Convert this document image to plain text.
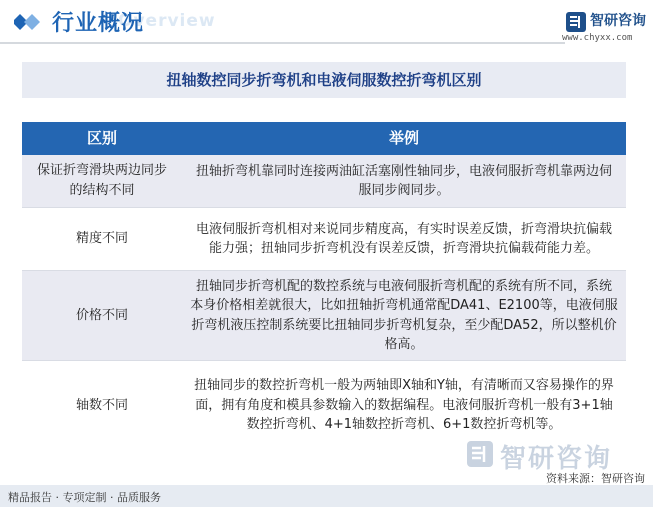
Overview
行业概况	智研咨询
www.chyxx.com
扭轴数控同步折弯机和电液伺服数控折弯机区别
区别	举例
保证折弯滑块两边同步的结构不同
扭轴折弯机靠同时连接两油缸活塞刚性轴同步，电液伺服折弯机靠两边伺服同步阀同步。
精度不同
电液伺服折弯机相对来说同步精度高，有实时误差反馈，折弯滑块抗偏载能力强；扭轴同步折弯机没有误差反馈，折弯滑块抗偏载荷能力差。
价格不同
扭轴同步折弯机配的数控系统与电液伺服折弯机配的系统有所不同，系统本身价格相差就很大，比如扭轴折弯机通常配DA41、E2100等，电液伺服折弯机液压控制系统要比扭轴同步折弯机复杂，至少配DA52，所以整机价格高。
轴数不同
扭轴同步的数控折弯机一般为两轴即X轴和Y轴，有清晰而又容易操作的界面，拥有角度和模具参数输入的数据编程。电液伺服折弯机一般有3+1轴数控折弯机、4+1轴数控折弯机、6+1数控折弯机等。
智研咨询
资料来源：智研咨询
精品报告 · 专项定制 · 品质服务
